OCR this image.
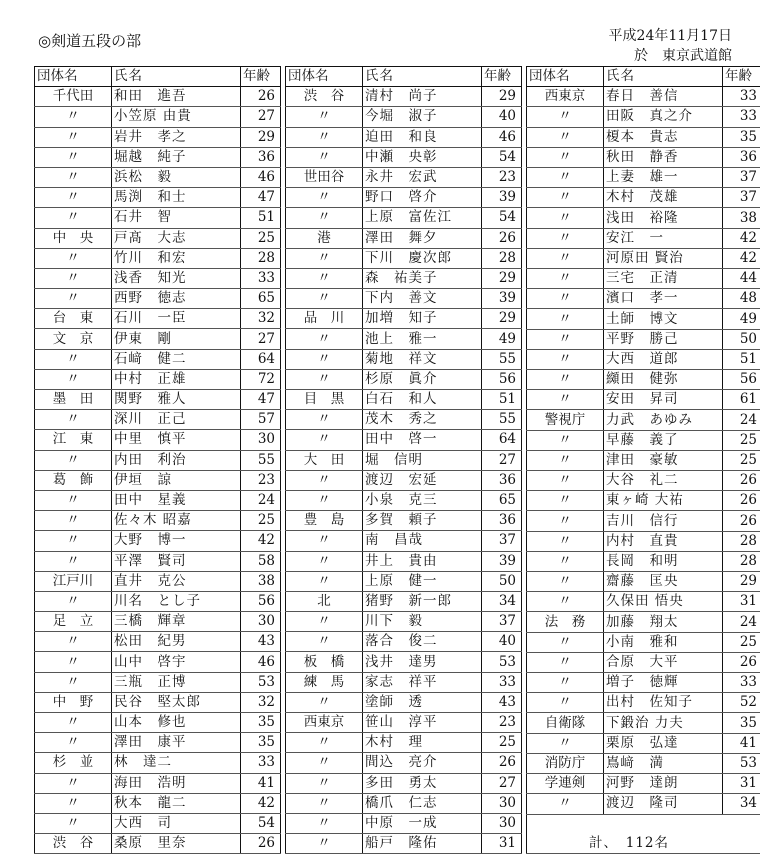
◎剣道五段の部	平成24年11月17日
於　東京武道館
団体名	氏名	年齢
千代田	和田　進吾	26
〃	小笠原 由貴	27
〃	岩井　孝之	29
〃	堀越　純子	36
〃	浜松　毅	46
〃	馬渕　和士	47
〃	石井　智	51
中　央	戸髙　大志	25
〃	竹川　和宏	28
〃	浅香　知光	33
〃	西野　徳志	65
台　東	石川　一臣	32
文　京	伊東　剛	27
〃	石﨑　健二	64
〃	中村　正雄	72
墨　田	関野　雅人	47
〃	深川　正己	57
江　東	中里　慎平	30
〃	内田　利治	55
葛　飾	伊垣　諒	23
〃	田中　星義	24
〃	佐々木 昭嘉	25
〃	大野　博一	42
〃	平澤　賢司	58
江戸川	直井　克公	38
〃	川名　とし子	56
足　立	三橋　輝章	30
〃	松田　紀男	43
〃	山中　啓宇	46
〃	三瓶　正博	53
中　野	民谷　堅太郎	32
〃	山本　修也	35
〃	澤田　康平	35
杉　並	林　達二	33
〃	海田　浩明	41
〃	秋本　龍二	42
〃	大西　司	54
渋　谷	桑原　里奈	26
団体名	氏名	年齢
渋　谷	清村　尚子	29
〃	今堀　淑子	40
〃	迫田　和良	46
〃	中瀬　央彰	54
世田谷	永井　宏武	23
〃	野口　啓介	39
〃	上原　富佐江	54
港	澤田　舞夕	26
〃	下川　慶次郎	28
〃	森　祐美子	29
〃	下内　善文	39
品　川	加増　知子	29
〃	池上　雅一	49
〃	菊地　祥文	55
〃	杉原　眞介	56
目　黒	白石　和人	51
〃	茂木　秀之	55
〃	田中　啓一	64
大　田	堀　信明	27
〃	渡辺　宏延	36
〃	小泉　克三	65
豊　島	多賀　頼子	36
〃	南　昌哉	37
〃	井上　貴由	39
〃	上原　健一	50
北	猪野　新一郎	34
〃	川下　毅	37
〃	落合　俊二	40
板　橋	浅井　達男	53
練　馬	家志　祥平	33
〃	塗師　透	43
西東京	笹山　淳平	23
〃	木村　理	25
〃	間込　亮介	26
〃	多田　勇太	27
〃	橋爪　仁志	30
〃	中原　一成	30
〃	船戸　隆佑	31
団体名	氏名	年齢
西東京	春日　善信	33
〃	田阪　真之介	33
〃	榎本　貴志	35
〃	秋田　静香	36
〃	上妻　雄一	37
〃	木村　茂雄	37
〃	浅田　裕隆	38
〃	安江　一	42
〃	河原田 賢治	42
〃	三宅　正清	44
〃	濱口　孝一	48
〃	土師　博文	49
〃	平野　勝己	50
〃	大西　道郎	51
〃	纐田　健弥	56
〃	安田　昇司	61
警視庁	力武　あゆみ	24
〃	早藤　義了	25
〃	津田　豪敏	25
〃	大谷　礼二	26
〃	東ヶ崎 大祐	26
〃	吉川　信行	26
〃	内村　直貴	28
〃	長岡　和明	28
〃	齋藤　匡央	29
〃	久保田 悟央	31
法　務	加藤　翔太	24
〃	小南　雅和	25
〃	合原　大平	26
〃	増子　徳輝	33
〃	出村　佐知子	52
自衛隊	下鍛治 力夫	35
〃	栗原　弘達	41
消防庁	嶌﨑　満	53
学連剣	河野　達朗	31
〃	渡辺　隆司	34

計、　112名		
